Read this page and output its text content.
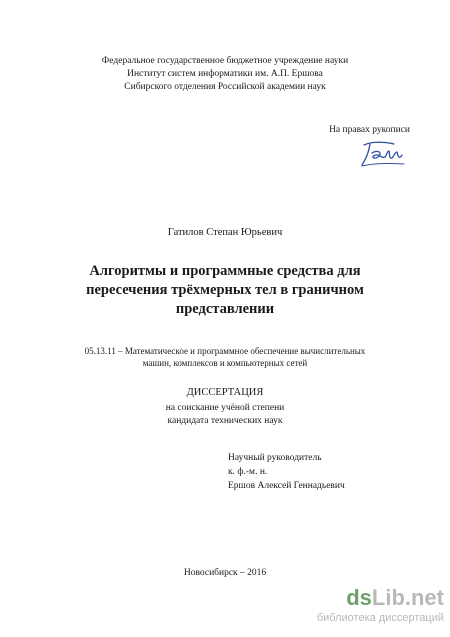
Федеральное государственное бюджетное учреждение науки
Институт систем информатики им. А.П. Ершова
Сибирского отделения Российской академии наук
На правах рукописи
Гатилов Степан Юрьевич
Алгоритмы и программные средства для
пересечения трёхмерных тел в граничном
представлении
05.13.11 – Математическое и программное обеспечение вычислительных
машин, комплексов и компьютерных сетей
ДИССЕРТАЦИЯ
на соискание учёной степени
кандидата технических наук
Научный руководитель
к. ф.-м. н.
Ершов Алексей Геннадьевич
Новосибирск – 2016
dsLib.net
библиотека диссертаций
